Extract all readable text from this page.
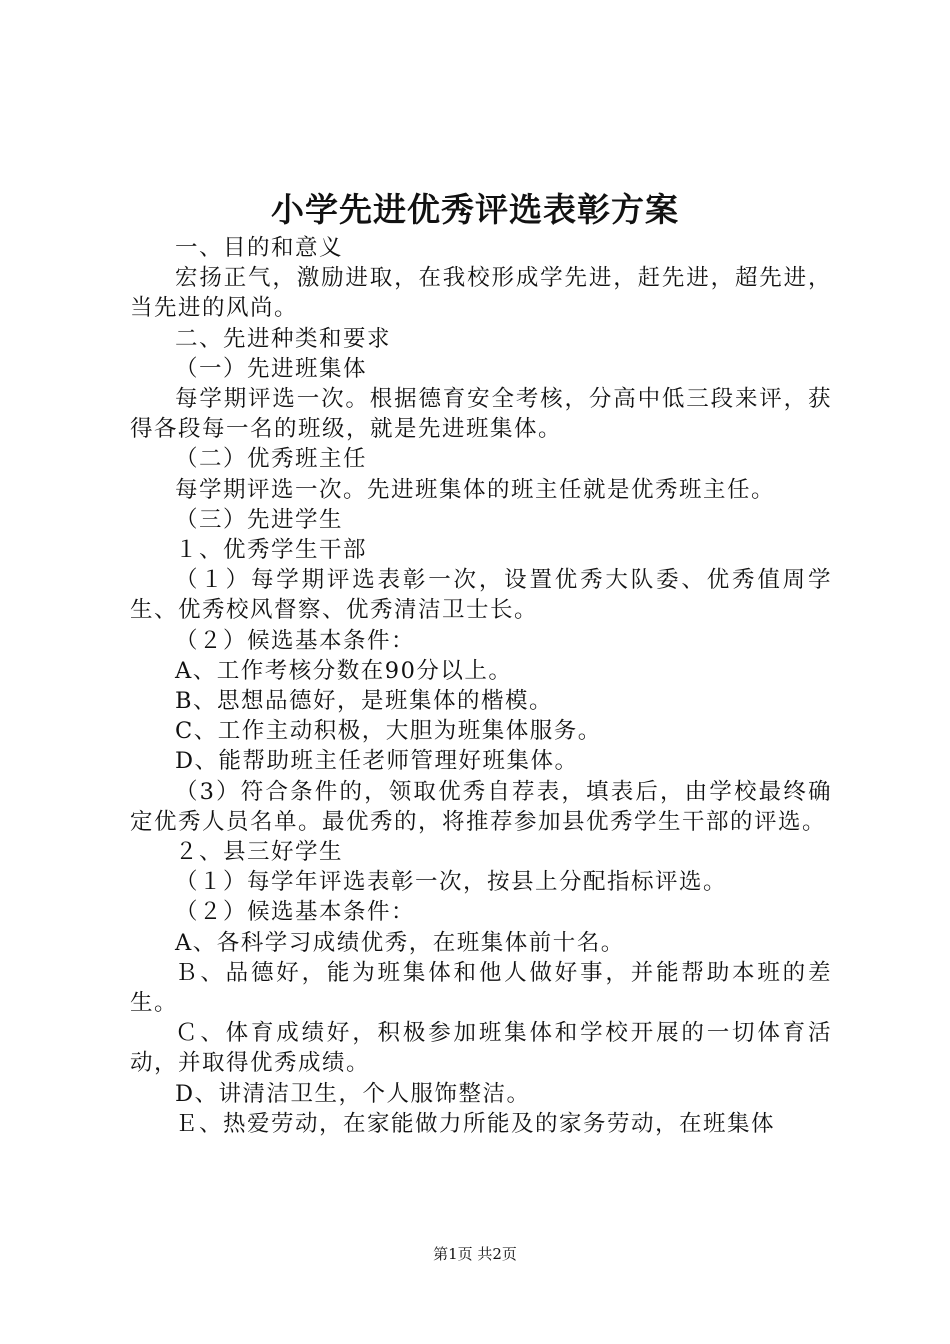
小学先进优秀评选表彰方案

一、目的和意义

宏扬正气，激励进取，在我校形成学先进，赶先进，超先进，当先进的风尚。

二、先进种类和要求

（一）先进班集体

每学期评选一次。根据德育安全考核，分高中低三段来评，获得各段每一名的班级，就是先进班集体。

（二）优秀班主任

每学期评选一次。先进班集体的班主任就是优秀班主任。

（三）先进学生

１、优秀学生干部

（１）每学期评选表彰一次，设置优秀大队委、优秀值周学生、优秀校风督察、优秀清洁卫士长。

（２）候选基本条件：

A、工作考核分数在90分以上。

B、思想品德好，是班集体的楷模。

C、工作主动积极，大胆为班集体服务。

D、能帮助班主任老师管理好班集体。

（3）符合条件的，领取优秀自荐表，填表后，由学校最终确定优秀人员名单。最优秀的，将推荐参加县优秀学生干部的评选。

２、县三好学生

（１）每学年评选表彰一次，按县上分配指标评选。

（２）候选基本条件：

A、各科学习成绩优秀，在班集体前十名。

Ｂ、品德好，能为班集体和他人做好事，并能帮助本班的差生。

Ｃ、体育成绩好，积极参加班集体和学校开展的一切体育活动，并取得优秀成绩。

D、讲清洁卫生，个人服饰整洁。

Ｅ、热爱劳动，在家能做力所能及的家务劳动，在班集体

第1页 共2页
